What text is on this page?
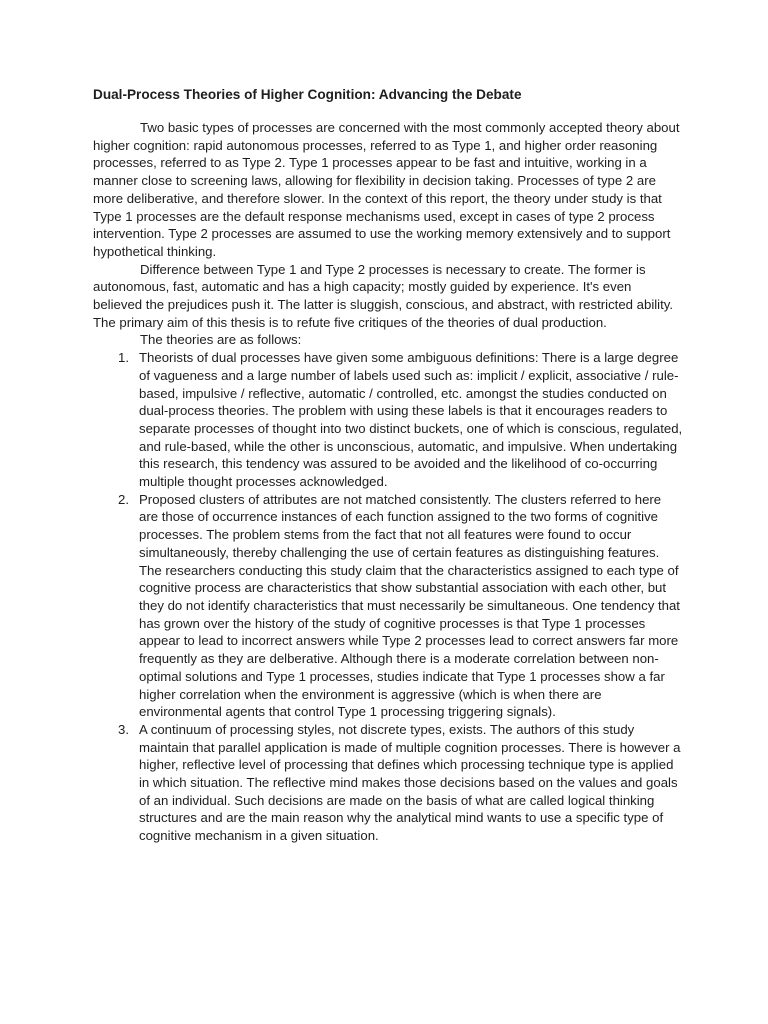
Dual-Process Theories of Higher Cognition: Advancing the Debate

Two basic types of processes are concerned with the most commonly accepted theory about higher cognition: rapid autonomous processes, referred to as Type 1, and higher order reasoning processes, referred to as Type 2. Type 1 processes appear to be fast and intuitive, working in a manner close to screening laws, allowing for flexibility in decision taking. Processes of type 2 are more deliberative, and therefore slower. In the context of this report, the theory under study is that Type 1 processes are the default response mechanisms used, except in cases of type 2 process intervention. Type 2 processes are assumed to use the working memory extensively and to support hypothetical thinking.

Difference between Type 1 and Type 2 processes is necessary to create. The former is autonomous, fast, automatic and has a high capacity; mostly guided by experience. It's even believed the prejudices push it. The latter is sluggish, conscious, and abstract, with restricted ability. The primary aim of this thesis is to refute five critiques of the theories of dual production.

The theories are as follows:

1. Theorists of dual processes have given some ambiguous definitions: There is a large degree of vagueness and a large number of labels used such as: implicit / explicit, associative / rule-based, impulsive / reflective, automatic / controlled, etc. amongst the studies conducted on dual-process theories. The problem with using these labels is that it encourages readers to separate processes of thought into two distinct buckets, one of which is conscious, regulated, and rule-based, while the other is unconscious, automatic, and impulsive. When undertaking this research, this tendency was assured to be avoided and the likelihood of co-occurring multiple thought processes acknowledged.
2. Proposed clusters of attributes are not matched consistently. The clusters referred to here are those of occurrence instances of each function assigned to the two forms of cognitive processes. The problem stems from the fact that not all features were found to occur simultaneously, thereby challenging the use of certain features as distinguishing features. The researchers conducting this study claim that the characteristics assigned to each type of cognitive process are characteristics that show substantial association with each other, but they do not identify characteristics that must necessarily be simultaneous. One tendency that has grown over the history of the study of cognitive processes is that Type 1 processes appear to lead to incorrect answers while Type 2 processes lead to correct answers far more frequently as they are delberative. Although there is a moderate correlation between non-optimal solutions and Type 1 processes, studies indicate that Type 1 processes show a far higher correlation when the environment is aggressive (which is when there are environmental agents that control Type 1 processing triggering signals).
3. A continuum of processing styles, not discrete types, exists. The authors of this study maintain that parallel application is made of multiple cognition processes. There is however a higher, reflective level of processing that defines which processing technique type is applied in which situation. The reflective mind makes those decisions based on the values and goals of an individual. Such decisions are made on the basis of what are called logical thinking structures and are the main reason why the analytical mind wants to use a specific type of cognitive mechanism in a given situation.
